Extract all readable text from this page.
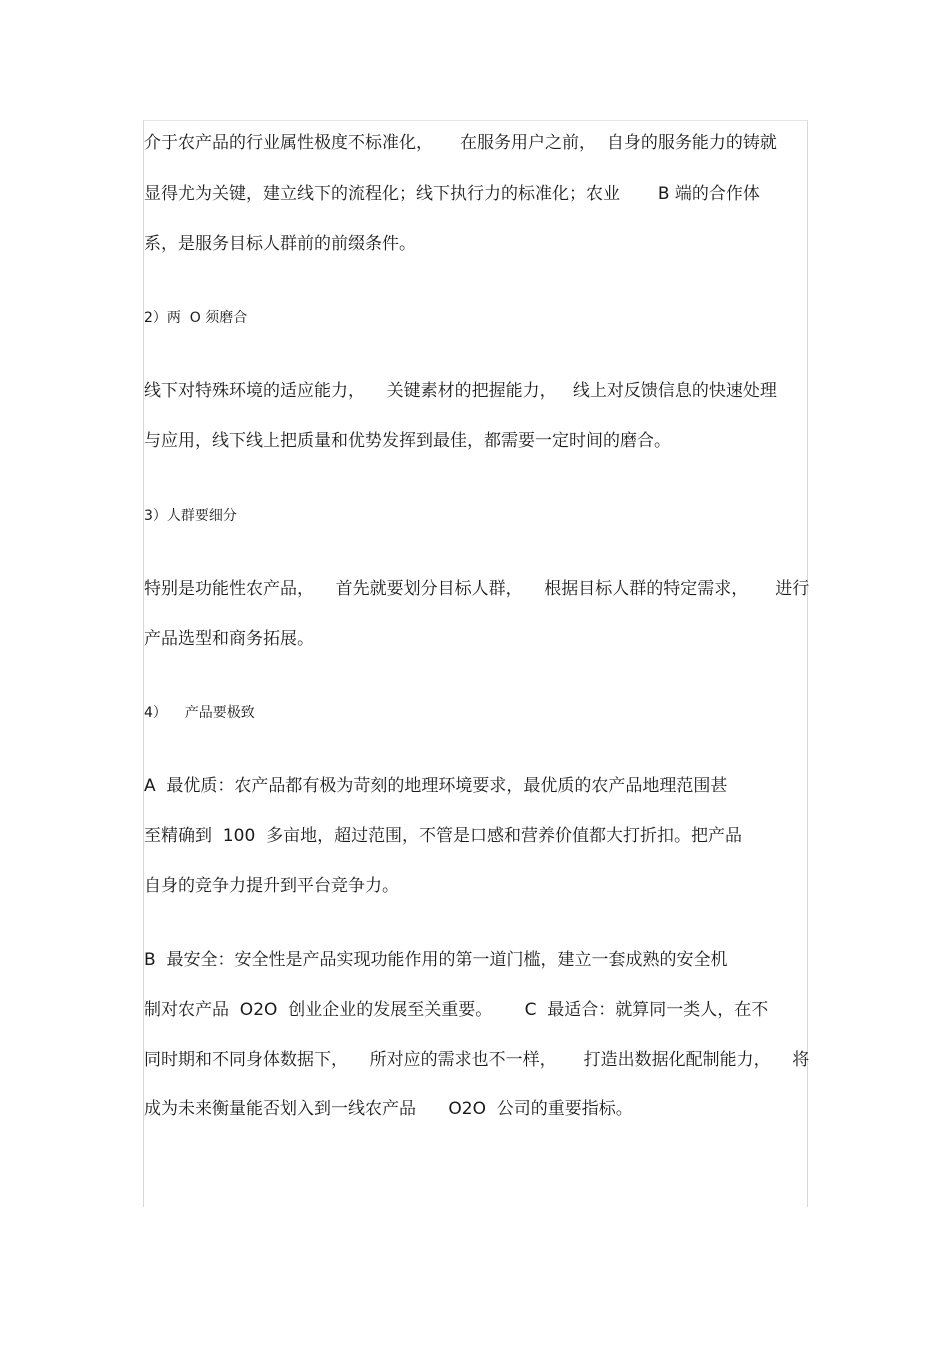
介于农产品的行业属性极度不标准化，     在服务用户之前，  自身的服务能力的铸就
显得尤为关键，建立线下的流程化；线下执行力的标准化；农业       B 端的合作体
系，是服务目标人群前的前缀条件。
2）两  O 须磨合
线下对特殊环境的适应能力，    关键素材的把握能力，   线上对反馈信息的快速处理
与应用，线下线上把质量和优势发挥到最佳，都需要一定时间的磨合。
3）人群要细分
特别是功能性农产品，    首先就要划分目标人群，    根据目标人群的特定需求，     进行
产品选型和商务拓展。
4）    产品要极致
A  最优质：农产品都有极为苛刻的地理环境要求，最优质的农产品地理范围甚
至精确到  100  多亩地，超过范围，不管是口感和营养价值都大打折扣。把产品
自身的竞争力提升到平台竞争力。
B  最安全：安全性是产品实现功能作用的第一道门槛，建立一套成熟的安全机
制对农产品  O2O  创业企业的发展至关重要。      C  最适合：就算同一类人，在不
同时期和不同身体数据下，    所对应的需求也不一样，     打造出数据化配制能力，    将
成为未来衡量能否划入到一线农产品      O2O  公司的重要指标。
